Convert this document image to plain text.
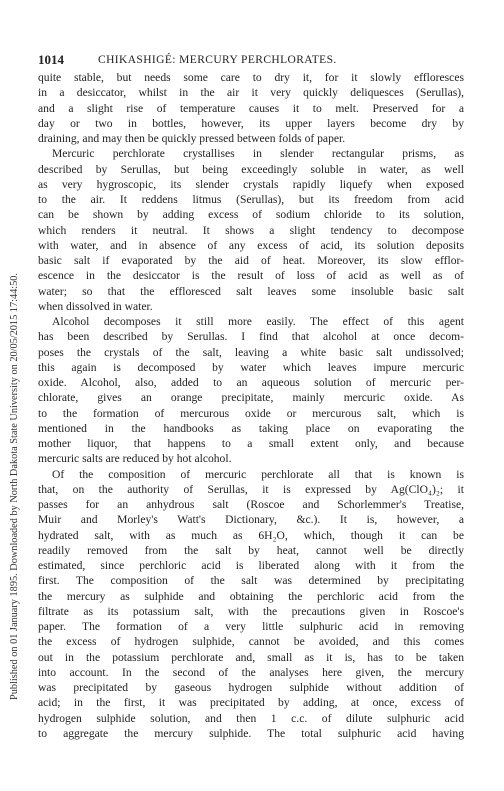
Published on 01 January 1895. Downloaded by North Dakota State University on 20/05/2015 17:44:50.
1014	CHIKASHIGÉ: MERCURY PERCHLORATES.
quite stable, but needs some care to dry it, for it slowly effloresces
in a desiccator, whilst in the air it very quickly deliquesces (Serullas),
and a slight rise of temperature causes it to melt. Preserved for a
day or two in bottles, however, its upper layers become dry by
draining, and may then be quickly pressed between folds of paper.
Mercuric perchlorate crystallises in slender rectangular prisms, as
described by Serullas, but being exceedingly soluble in water, as well
as very hygroscopic, its slender crystals rapidly liquefy when exposed
to the air. It reddens litmus (Serullas), but its freedom from acid
can be shown by adding excess of sodium chloride to its solution,
which renders it neutral. It shows a slight tendency to decompose
with water, and in absence of any excess of acid, its solution deposits
basic salt if evaporated by the aid of heat. Moreover, its slow efflor-
escence in the desiccator is the result of loss of acid as well as of
water; so that the effloresced salt leaves some insoluble basic salt
when dissolved in water.
Alcohol decomposes it still more easily. The effect of this agent
has been described by Serullas. I find that alcohol at once decom-
poses the crystals of the salt, leaving a white basic salt undissolved;
this again is decomposed by water which leaves impure mercuric
oxide. Alcohol, also, added to an aqueous solution of mercuric per-
chlorate, gives an orange precipitate, mainly mercuric oxide. As
to the formation of mercurous oxide or mercurous salt, which is
mentioned in the handbooks as taking place on evaporating the
mother liquor, that happens to a small extent only, and because
mercuric salts are reduced by hot alcohol.
Of the composition of mercuric perchlorate all that is known is
that, on the authority of Serullas, it is expressed by Ag(ClO₄)₂; it
passes for an anhydrous salt (Roscoe and Schorlemmer's Treatise,
Muir and Morley's Watt's Dictionary, &c.). It is, however, a
hydrated salt, with as much as 6H₂O, which, though it can be
readily removed from the salt by heat, cannot well be directly
estimated, since perchloric acid is liberated along with it from the
first. The composition of the salt was determined by precipitating
the mercury as sulphide and obtaining the perchloric acid from the
filtrate as its potassium salt, with the precautions given in Roscoe's
paper. The formation of a very little sulphuric acid in removing
the excess of hydrogen sulphide, cannot be avoided, and this comes
out in the potassium perchlorate and, small as it is, has to be taken
into account. In the second of the analyses here given, the mercury
was precipitated by gaseous hydrogen sulphide without addition of
acid; in the first, it was precipitated by adding, at once, excess of
hydrogen sulphide solution, and then 1 c.c. of dilute sulphuric acid
to aggregate the mercury sulphide. The total sulphuric acid having
